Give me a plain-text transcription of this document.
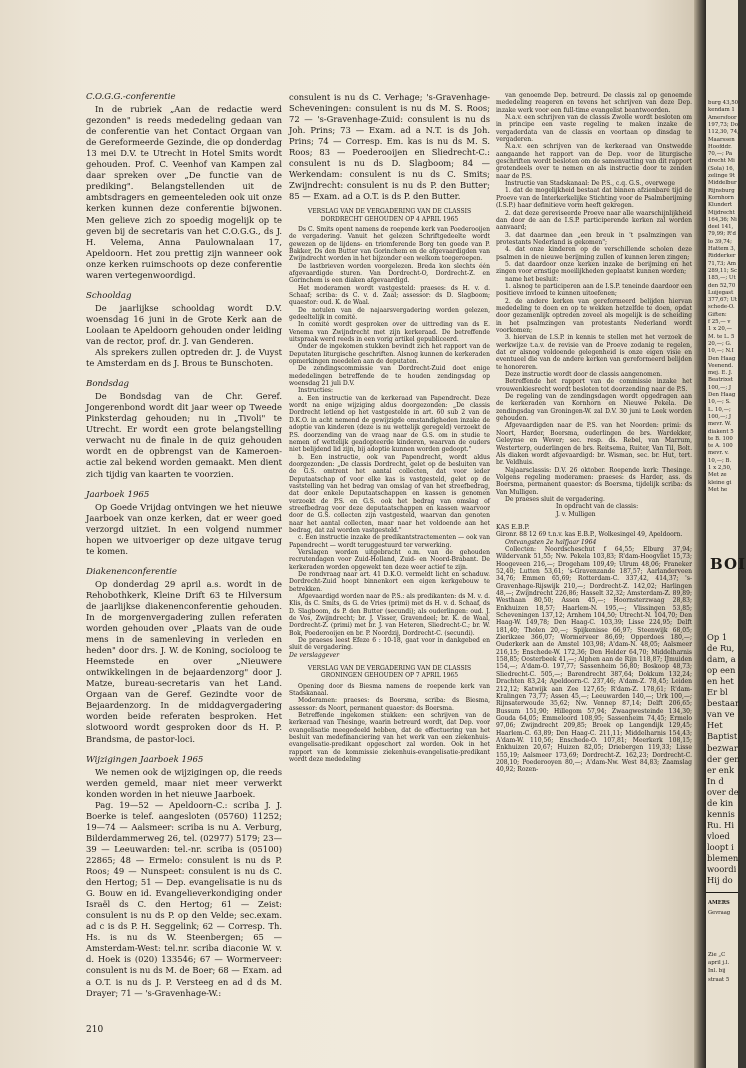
C.O.G.G.-conferentie

In de rubriek „Aan de redactie werd gezonden" is reeds mededeling gedaan van de conferentie van het Contact Orgaan van de Gereformeerde Gezinde, die op donderdag 13 mei D.V. te Utrecht in Hotel Smits wordt gehouden. Prof. C. Veenhof van Kampen zal daar spreken over „De functie van de prediking". Belangstellenden uit de ambtsdragers en gemeenteleden ook uit onze kerken kunnen deze conferentie bijwonen. Men gelieve zich zo spoedig mogelijk op te geven bij de secretaris van het C.O.G.G., ds J. H. Velema, Anna Paulownalaan 17, Apeldoorn. Het zou prettig zijn wanneer ook onze kerken ruimschoots op deze conferentie waren vertegenwoordigd.

Schooldag

De jaarlijkse schooldag wordt D.V. woensdag 16 juni in de Grote Kerk aan de Loolaan te Apeldoorn gehouden onder leiding van de rector, prof. dr. J. van Genderen.

Als sprekers zullen optreden dr. J. de Vuyst te Amsterdam en ds J. Brous te Bunschoten.

Bondsdag

De Bondsdag van de Chr. Geref. Jongerenbond wordt dit jaar weer op Tweede Pinksterdag gehouden; nu in „Tivoli" te Utrecht. Er wordt een grote belangstelling verwacht nu de finale in de quiz gehouden wordt en de opbrengst van de Kameroen-actie zal bekend worden gemaakt. Men dient zich tijdig van kaarten te voorzien.

Jaarboek 1965

Op Goede Vrijdag ontvingen we het nieuwe Jaarboek van onze kerken, dat er weer goed verzorgd uitziet. In een volgend nummer hopen we uitvoeriger op deze uitgave terug te komen.

Diakenenconferentie

Op donderdag 29 april a.s. wordt in de Rehobothkerk, Kleine Drift 63 te Hilversum de jaarlijkse diakenenconferentie gehouden. In de morgenvergadering zullen referaten worden gehouden over „Plaats van de oude mens in de samenleving in verleden en heden" door drs. J. W. de Koning, socioloog te Heemstede en over „Nieuwere ontwikkelingen in de bejaardenzorg" door J. Matze, bureau-secretaris van het Land. Orgaan van de Geref. Gezindte voor de Bejaardenzorg. In de middagvergadering worden beide referaten besproken. Het slotwoord wordt gesproken door ds H. P. Brandsma, de pastor-loci.

Wijzigingen Jaarboek 1965

We nemen ook de wijzigingen op, die reeds werden gemeld, maar niet meer verwerkt konden worden in het nieuwe Jaarboek.

Pag. 19—52 — Apeldoorn-C.: scriba J. J. Boerke is telef. aangesloten (05760) 11252; 19—74 — Aalsmeer: scriba is nu A. Verburg, Bilderdammerweg 26, tel. (02977) 5179; 23—39 — Leeuwarden: tel.-nr. scriba is (05100) 22865; 48 — Ermelo: consulent is nu ds P. Roos; 49 — Nunspeet: consulent is nu ds C. den Hertog; 51 — Dep. evangelisatie is nu ds G. Bouw en id. Evangelieverkondiging onder Israël ds C. den Hertog; 61 — Zeist: consulent is nu ds P. op den Velde; sec.exam. ad c is ds P. H. Seggelink; 62 — Corresp. Th. Hs. is nu ds W. Steenbergen; 65 — Amsterdam-West: tel.nr. scriba diaconie W. v. d. Hoek is (020) 133546; 67 — Wormerveer: consulent is nu ds M. de Boer; 68 — Exam. ad a O.T. is nu ds J. P. Versteeg en ad d ds M. Drayer; 71 — 's-Gravenhage-W.:

consulent is nu ds C. Verhage; 's-Gravenhage-Scheveningen: consulent is nu ds M. S. Roos; 72 — 's-Gravenhage-Zuid: consulent is nu ds Joh. Prins; 73 — Exam. ad a N.T. is ds Joh. Prins; 74 — Corresp. Em. kas is nu ds M. S. Roos; 83 — Poederooijen en Sliedrecht-C.: consulent is nu ds D. Slagboom; 84 — Werkendam: consulent is nu ds C. Smits; Zwijndrecht: consulent is nu ds P. den Butter; 85 — Exam. ad a O.T. is ds P. den Butter.

VERSLAG VAN DE VERGADERING VAN DE CLASSIS DORDRECHT GEHOUDEN OP 4 APRIL 1965

Ds C. Smits opent namens de roepende kerk van Poederooijen de vergadering. Vanuit het gelezen Schriftgedeelte wordt gewezen op de lijdens- en triomferende Borg ten goede van P. Bakker, Ds den Butter van Gorinchem en de afgevaardigden van Zwijndrecht worden in het bijzonder een welkom toegeroepen.

De lastbrieven worden voorgelezen. Breda kon slechts één afgevaardigde sturen. Van Dordrecht-O, Dordrecht-Z. en Gorinchem is een diaken afgevaardigd.

Het moderamen wordt vastgesteld: praeses: ds H. v. d. Schaaf; scriba: ds C. v. d. Zaal; assessor: ds D. Slagboom; quaestor: oud. K. de Waal.

De notulen van de najaarsvergadering worden gelezen, gedeeltelijk in comité.

In comité wordt gesproken over de uittreding van ds E. Venema van Zwijndrecht met zijn kerkeraad. De betreffende uitspraak werd reeds in een vorig artikel gepubliceerd.

Onder de ingekomen stukken bevindt zich het rapport van de Deputaten liturgische geschriften. Alsnog kunnen de kerkeraden opmerkingen meedelen aan de deputaten.

De zendingscommissie van Dordrecht-Zuid doet enige mededelingen betreffende de te houden zendingsdag op woensdag 21 juli D.V.

Instructies:

a. Een instructie van de kerkeraad van Papendrecht. Deze wordt na enige wijziging aldus doorgezonden: „De classis Dordrecht letlend op het vastgestelde in art. 60 sub 2 van de D.K.O. in acht nemend de gewijzigde omstandigheden inzake de adoptie van kinderen (deze is nu wettelijk geregeld) verzoekt de P.S. doorzending van de vraag naar de G.S. om in studie te nemen of wettelijk geadopteerde kinderen, waarvan de ouders niet belijdend lid zijn, bij adoptie kunnen worden gedoopt."

b. Een instructie, ook van Papendrecht, wordt aldus doorgezonden: „De classis Dordrecht, gelet op de besluiten van de G.S. omtrent het aantal collecten, dat voor ieder Deputaatschap of voor elke kas is vastgesteld, gelet op de vaststelling van het bedrag van omslag of van het streefbedrag, dat door enkele Deputaatschappen en kassen is genomen verzoekt de P.S. en G.S. ook het bedrag van omslag of streefbedrag voor deze deputaatschappen en kassen waarvoor door de G.S. collecten zijn vastgesteld, waarvan dan genoten naar het aantal collecten, maar naar het voldoende aan het bedrag, dat zal worden vastgesteld."

c. Een instructie inzake de predikantstractementen — ook van Papendrecht — wordt teruggestuurd ter verwerking.

Verslagen worden uitgebracht o.m. van de gehouden recrutendagen voor Zuid-Holland, Zuid- en Noord-Brabant. De kerkeraden worden opgewekt ten deze weer actief te zijn.

De rondvraag naar art. 41 D.K.O. vermeldt licht en schaduw. Dordrecht-Zuid hoopt binnenkort een eigen kerkgebouw te betrekken.

Afgevaardigd worden naar de P.S.: als predikanten: ds M. v. d. Klis, ds C. Smits, ds G. de Vries (primi) met ds H. v. d. Schaaf, ds D. Slagboom, ds P. den Butter (secundi); als ouderlingen: oud. J. de Vos, Zwijndrecht; br. J. Visser, Gravendeel; br. K. de Waal, Dordrecht-Z. (primi) met br. J. van Heteren, Sliedrecht-C.; br. W. Bok, Poederooijen en br. P. Noordzij, Dordrecht-C. (secundi).

De praeses leest Efeze 6 : 10-18, gaat voor in dankgebed en sluit de vergadering.

De verslaggever

VERSLAG VAN DE VERGADERING VAN DE CLASSIS GRONINGEN GEHOUDEN OP 7 APRIL 1965

Opening door ds Biesma namens de roepende kerk van Stadskanaal.

Moderamen: praeses: ds Boersma, scriba: ds Biesma, assessor: ds Noort, permanent quaestor: ds Boersma.

Betreffende ingekomen stukken: een schrijven van de kerkeraad van Thesinge, waarin betreurd wordt, dat Dep. voor evangelisatie meegedeeld hebben, dat de effectuering van het besluit van medefinanciering van het werk van een ziekenhuis-evangelisatie-predikant opgeschort zal worden. Ook in het rapport van de kommissie ziekenhuis-evangelisatie-predikant wordt deze mededeling

van genoemde Dep. betreurd. De classis zal op genoemde mededeling reageren en tevens het schrijven van deze Dep. inzake werk voor een full-time evangelist beantwoorden.

N.a.v. een schrijven van de classis Zwolle wordt besloten om in principe een vaste regeling te maken inzake de vergaderdata van de classis en voortaan op dinsdag te vergaderen.

N.a.v. een schrijven van de kerkeraad van Onstwedde aangaande het rapport van de Dep. voor de liturgische geschriften wordt besloten om de samenvatting van dit rapport grotendeels over te nemen en als instructie door te zenden naar de P.S.

Instructie van Stadskanaal: De P.S., c.q. G.S., overwege

1. dat de mogelijkheid bestaat dat binnen afzienbare tijd de Proeve van de Interkerkelijke Stichting voor de Psalmberijming (I.S.P.) haar definitieve vorm heeft gekregen.

2. dat deze gereviseerde Proeve naar alle waarschijnlijkheid dan door de aan de I.S.P. participerende kerken zal worden aanvaard;

3. dat daarmee dan „een breuk in 't psalmzingen van protestants Nederland is gekomen";

4. dat onze kinderen op de verschillende scholen deze psalmen in de nieuwe berijming zullen of kunnen leren zingen;

5. dat daardoor onze kerken inzake de berijming en het zingen voor ernstige moeilijkheden geplaatst kunnen worden;

name het besluit:

1. alsnog te participeren aan de I.S.P. teneinde daardoor een positieve invloed te kunnen uitoefenen;

2. de andere kerken van gereformeerd belijden hiervan mededeling te doen en op te wekken hetzelfde te doen, opdat door gezamenlijk optreden zoveel als mogelijk is de scheiding in het psalmzingen van protestants Nederland wordt voorkomen;

3. hiervan de I.S.P. in kennis te stellen met het verzoek de werkwijze t.a.v. de revisie van de Proeve zodanig te regelen, dat er alsnog voldoende gelegenheid is onze eigen visie en eventueel die van de andere kerken van gereformeerd belijden te honoreren.

Deze instructie wordt door de classis aangenomen.

Betreffende het rapport van de commissie inzake het vrouwenkiesrecht wordt besloten tot doorzending naar de P.S.

De regeling van de zendingsdagen wordt opgedragen aan de kerkeraden van Kornhorn en Nieuwe Pekela. De zendingsdag van Groningen-W. zal D.V. 30 juni te Leek worden gehouden.

Afgevaardigden naar de P.S. van het Noorden: primi: ds Noort, Harder, Boersma, ouderlingen de brs. Wardekker, Geleynse en Wever; sec. resp. ds. Rebel, van Marrum, Westerterp, ouderlingen de brs. Reitsema, Ruiter, Van Til, Bolt. Als diaken wordt afgevaardigd: br. Wisman, sec. br. Hut, tert. br. Veldhuis.

Najaarsclassis: D.V. 26 oktober. Roepende kerk: Thesinge. Volgens regeling moderamen: praeses: ds Harder, ass. ds Boersma, permanent quaestor: ds Boersma, tijdelijk scriba: ds Van Mulligen.

De praeses sluit de vergadering.

In opdracht van de classis:

J. v. Mulligen

KAS E.B.P.

Gironr. 88 12 69 t.n.v. kas E.B.P., Wolkesingel 49, Apeldoorn.

Ontvangsten 2e halfjaar 1964

Collecten: Noordscheschut f 64,55; Elburg 37,94; Wildervank 51,55; Nw. Pekela 103,83; R'dam-Hoogvliet 15,73; Hoogeveen 216,—; Drogeham 109,49; Ulrum 48,06; Franeker 52,40; Lutten 53,61; 's-Gravenzande 187,57; Aarlanderveen 34,76; Emmen 65,69; Rotterdam-C. 337,42, 414,37; 's-Gravenhage-Rijswijk 210,—; Dordrecht-Z. 142,02; Harlingen 48,—; Zwijndrecht 226,86; Hasselt 32,32; Amsterdam-Z. 89,89; Westhaan 80,50; Assen 45,—; Hoornsterzwaag 28,83; Enkhuizen 18,57; Haarlem-N. 195,—; Vlissingen 53,85; Scheveningen 137,12; Arnhem 104,50; Utrecht-N. 104,70; Den Haag-W. 149,78; Den Haag-C. 103,39; Lisse 224,95; Delft 181,40; Tholen 20,—; Spijkenisse 66,97; Steenwijk 68,05; Zierikzee 366,07; Wormerveer 86,69; Opperdoes 180,—; Ouderkerk aan de Amstel 103,98; A'dam-N. 48,05; Aalsmeer 216,15; Enschede-W. 172,36; Den Helder 64,70; Middelharnis 158,85; Oosterbeek 41,—; Alphen aan de Rijn 118,87; IJmuiden 154,—; A'dam-O. 197,77; Sassenheim 56,80; Boskoop 48,73; Sliedrecht-C. 505,—; Barendrecht 387,64; Dokkum 132,24; Drachten 83,24; Apeldoorn-C. 237,46; A'dam-Z. 78,45; Leiden 212,12; Katwijk aan Zee 127,65; R'dam-Z. 178,61; R'dam-Kralingen 73,77; Assen 45,—; Leeuwarden 140,—; Urk 100,—; Rijnsaterwoude 35,62; Nw. Vennep 87,14; Delft 206,65; Bussum 151,90; Hillegom 57,94; Zwaagwesteinde 134,30; Gouda 64,05; Emmeloord 108,95; Sassenheim 74,45; Ermelo 97,06; Zwijndrecht 209,85; Broek op Langendijk 129,45; Haarlem-C. 63,89; Den Haag-C. 211,11; Middelharnis 154,43; A'dam-W. 110,56; Enschede-O. 107,81; Meerkerk 108,15; Enkhuizen 20,67; Huizen 82,05; Driebergen 119,33; Lisse 155,19; Aalsmeer 173,69; Dordrecht-Z. 162,23; Dordrecht-C. 208,10; Poederooyen 80,—; A'dam-Nw. West 84,83; Zaamslag 40,92; Rozen-

210
burg 43,50
kendam 1
Amersfoor
197,73; Do
112,30, 74,
Maarssen
Hoofddr.
70,—; Pa
drecht Mi
(Sola) 16,
zelinge 9t
Middelbur
Rijnsburg
Kornhorn
Klundert
Mijdrecht
164,36; Ni
deel 141,
79,99; R'd
lo 39,74;
Hattem 3,
Ridderker
71,73; Am
289,11; Sc
185,—; Ut
den 52,70
Luijegast
377,67; Ut
schede-O.
Giften:
f 25,— v
1 x 20,—
M. te L. 5
20,—; G.
10,—; N.I
Den Haag
Veenend.
mej. E. J.
Beatrixst
100,—; J
Den Haag
10,—; S.
L. 10,—;
100,—; J
mevr. W.
diakent 5
te B. 100
te A. 100
mevr. v.
10,—; B.
1 x 2,50,
Met ze
kleine gi
Met he
BOI
Op 1
de Ru,
dam, a
op een
en het
Er bl
bestaar
van ve
Het
Baptist
bezwar
der gen
er enk
In d
over de
de kin
kennis
Ru. Hi
vloed
loopt i
blemen
woordi
Hij do
AMERS
Gevraag
Zie „C
april j.l.
Inl. bij
straat 5
